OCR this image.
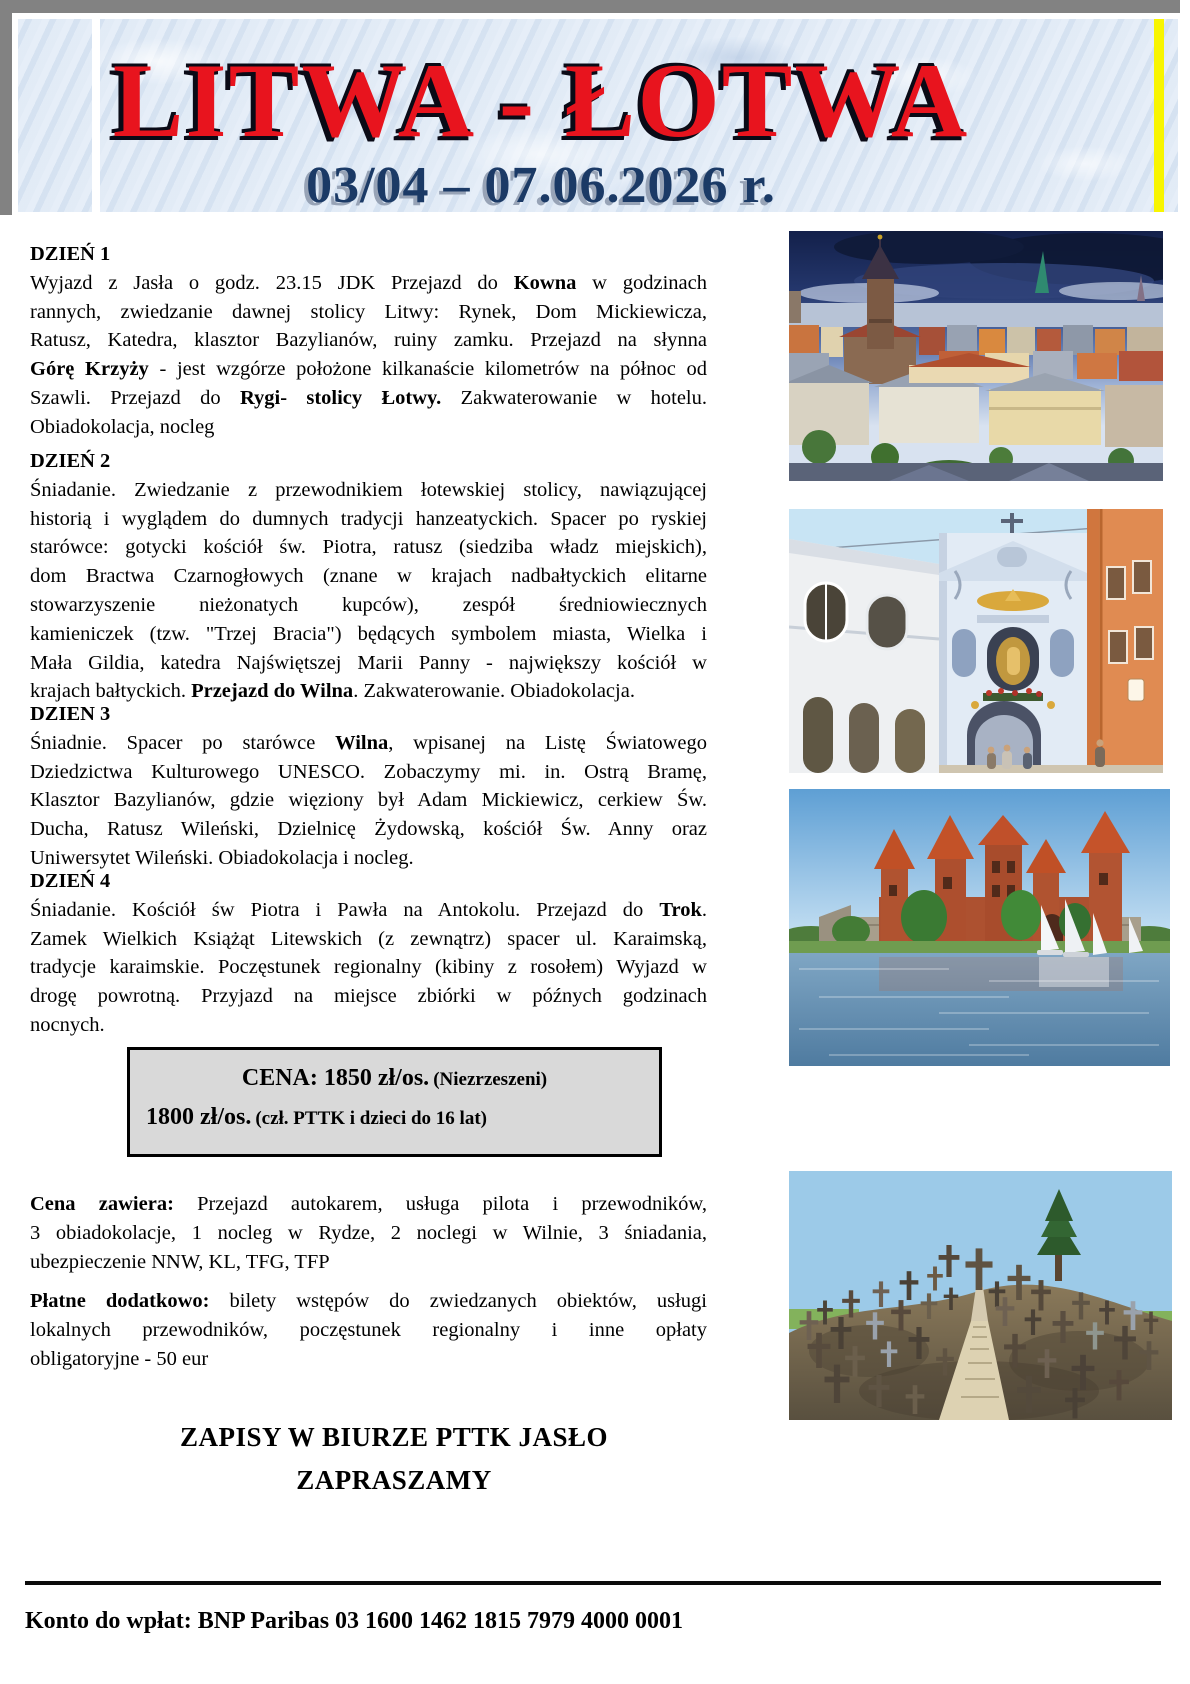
LITWA - ŁOTWA
03/04 – 07.06.2026 r.
DZIEŃ 1
Wyjazd z Jasła o godz. 23.15 JDK Przejazd do Kowna w godzinach
rannych, zwiedzanie dawnej stolicy Litwy: Rynek, Dom Mickiewicza,
Ratusz, Katedra, klasztor Bazylianów, ruiny zamku. Przejazd na słynna
Górę Krzyży - jest wzgórze położone kilkanaście kilometrów na północ od
Szawli. Przejazd do Rygi- stolicy Łotwy. Zakwaterowanie w hotelu.
Obiadokolacja, nocleg
DZIEŃ 2
Śniadanie. Zwiedzanie z przewodnikiem łotewskiej stolicy, nawiązującej
historią i wyglądem do dumnych tradycji hanzeatyckich. Spacer po ryskiej
starówce: gotycki kościół św. Piotra, ratusz (siedziba władz miejskich),
dom Bractwa Czarnogłowych (znane w krajach nadbałtyckich elitarne
stowarzyszenie nieżonatych kupców), zespół średniowiecznych
kamieniczek (tzw. "Trzej Bracia") będących symbolem miasta, Wielka i
Mała Gildia, katedra Najświętszej Marii Panny - największy kościół w
krajach bałtyckich. Przejazd do Wilna. Zakwaterowanie. Obiadokolacja.
DZIEN 3
Śniadnie. Spacer po starówce Wilna, wpisanej na Listę Światowego
Dziedzictwa Kulturowego UNESCO. Zobaczymy mi. in. Ostrą Bramę,
Klasztor Bazylianów, gdzie więziony był Adam Mickiewicz, cerkiew Św.
Ducha, Ratusz Wileński, Dzielnicę Żydowską, kościół Św. Anny oraz
Uniwersytet Wileński. Obiadokolacja i nocleg.
DZIEŃ 4
Śniadanie. Kościół św Piotra i Pawła na Antokolu. Przejazd do Trok.
Zamek Wielkich Książąt Litewskich (z zewnątrz) spacer ul. Karaimską,
tradycje karaimskie. Poczęstunek regionalny (kibiny z rosołem) Wyjazd w
drogę powrotną. Przyjazd na miejsce zbiórki w późnych godzinach
nocnych.
CENA: 1850 zł/os. (Niezrzeszeni)
1800 zł/os. (czł. PTTK i dzieci do 16 lat)
Cena zawiera: Przejazd autokarem, usługa pilota i przewodników,
3 obiadokolacje, 1 nocleg w Rydze, 2 noclegi w Wilnie, 3 śniadania,
ubezpieczenie NNW, KL, TFG, TFP
Płatne dodatkowo: bilety wstępów do zwiedzanych obiektów, usługi
lokalnych przewodników, poczęstunek regionalny i inne opłaty
obligatoryjne - 50 eur
ZAPISY W BIURZE PTTK JASŁO
ZAPRASZAMY
Konto do wpłat: BNP Paribas 03 1600 1462 1815 7979 4000 0001
